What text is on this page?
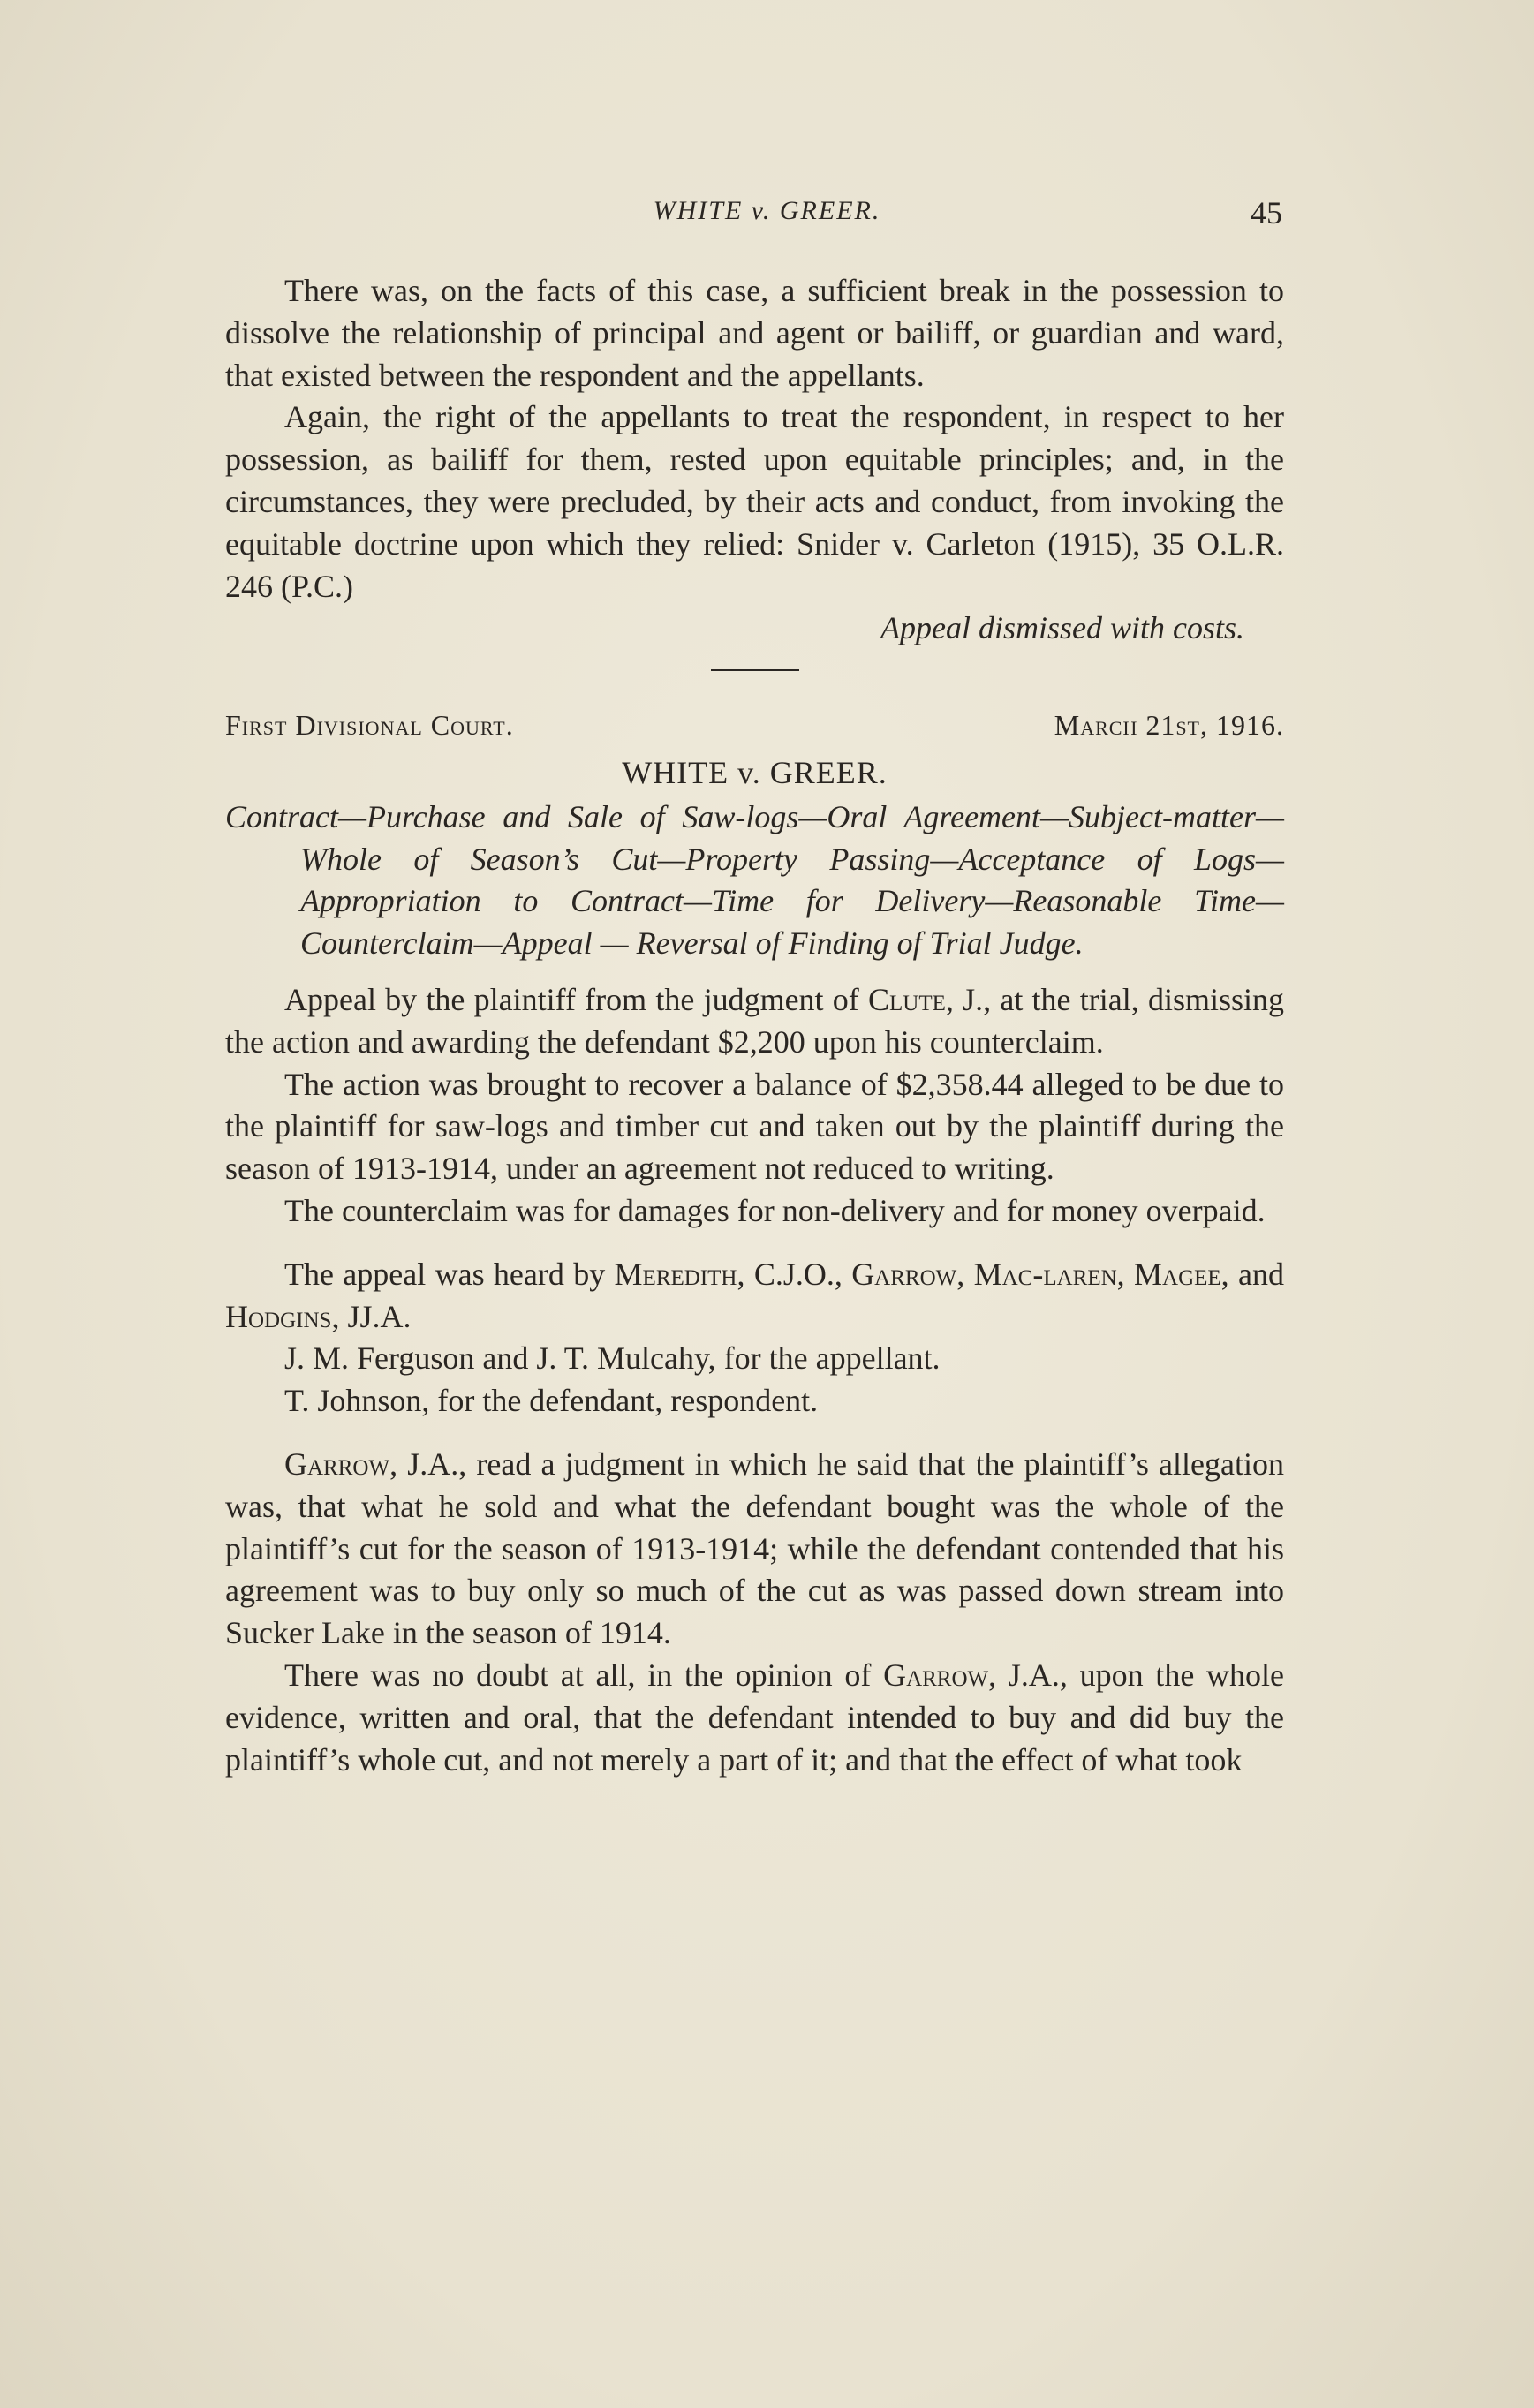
WHITE v. GREER.	45

There was, on the facts of this case, a sufficient break in the possession to dissolve the relationship of principal and agent or bailiff, or guardian and ward, that existed between the respondent and the appellants.

Again, the right of the appellants to treat the respondent, in respect to her possession, as bailiff for them, rested upon equitable principles; and, in the circumstances, they were precluded, by their acts and conduct, from invoking the equitable doctrine upon which they relied: Snider v. Carleton (1915), 35 O.L.R. 246 (P.C.)

Appeal dismissed with costs.

First Divisional Court.	March 21st, 1916.
WHITE v. GREER.
Contract—Purchase and Sale of Saw-logs—Oral Agreement—Subject-matter—Whole of Season’s Cut—Property Passing—Acceptance of Logs—Appropriation to Contract—Time for Delivery—Reasonable Time—Counterclaim—Appeal — Reversal of Finding of Trial Judge.

Appeal by the plaintiff from the judgment of Clute, J., at the trial, dismissing the action and awarding the defendant $2,200 upon his counterclaim.

The action was brought to recover a balance of $2,358.44 alleged to be due to the plaintiff for saw-logs and timber cut and taken out by the plaintiff during the season of 1913-1914, under an agreement not reduced to writing.

The counterclaim was for damages for non-delivery and for money overpaid.

The appeal was heard by Meredith, C.J.O., Garrow, Mac-laren, Magee, and Hodgins, JJ.A.

J. M. Ferguson and J. T. Mulcahy, for the appellant.

T. Johnson, for the defendant, respondent.

Garrow, J.A., read a judgment in which he said that the plaintiff’s allegation was, that what he sold and what the defendant bought was the whole of the plaintiff’s cut for the season of 1913-1914; while the defendant contended that his agreement was to buy only so much of the cut as was passed down stream into Sucker Lake in the season of 1914.

There was no doubt at all, in the opinion of Garrow, J.A., upon the whole evidence, written and oral, that the defendant intended to buy and did buy the plaintiff’s whole cut, and not merely a part of it; and that the effect of what took
